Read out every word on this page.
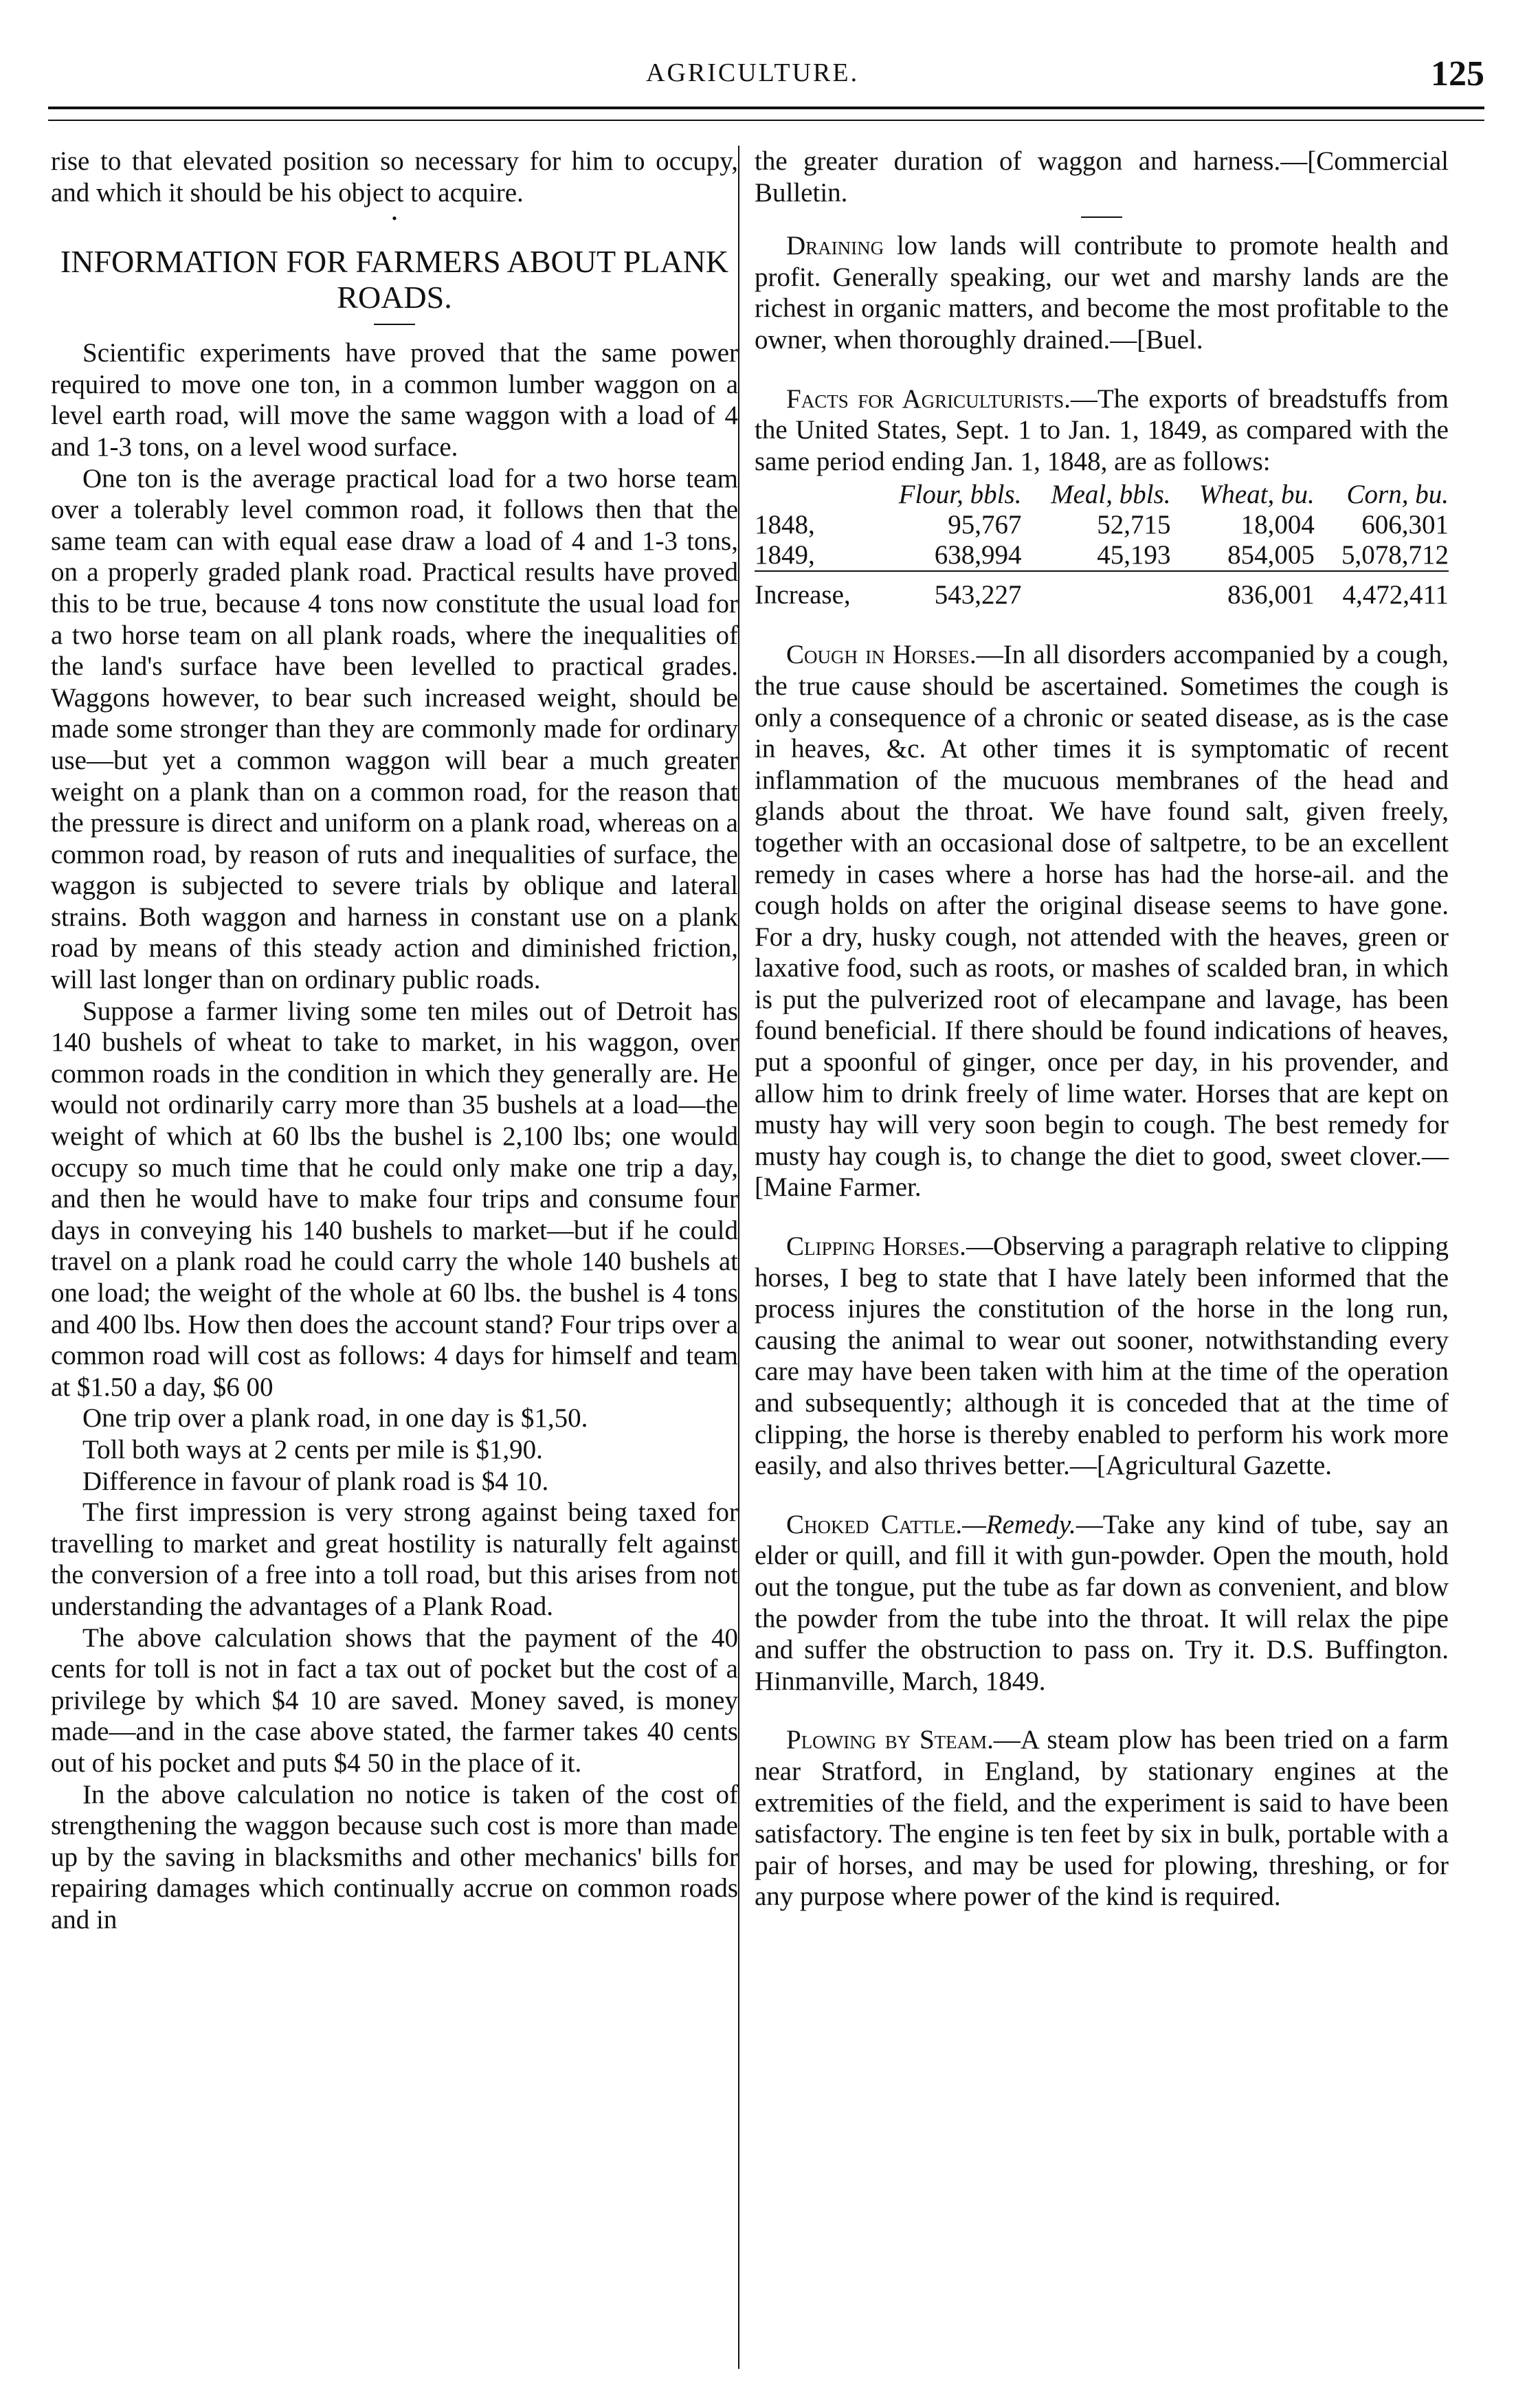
AGRICULTURE.	125

rise to that elevated position so necessary for him to occupy, and which it should be his object to acquire.

•
INFORMATION FOR FARMERS ABOUT PLANK ROADS.

Scientific experiments have proved that the same power required to move one ton, in a common lumber waggon on a level earth road, will move the same waggon with a load of 4 and 1-3 tons, on a level wood surface.

One ton is the average practical load for a two horse team over a tolerably level common road, it follows then that the same team can with equal ease draw a load of 4 and 1-3 tons, on a properly graded plank road. Practical results have proved this to be true, because 4 tons now constitute the usual load for a two horse team on all plank roads, where the inequalities of the land's surface have been levelled to practical grades. Waggons however, to bear such increased weight, should be made some stronger than they are commonly made for ordinary use—but yet a common waggon will bear a much greater weight on a plank than on a common road, for the reason that the pressure is direct and uniform on a plank road, whereas on a common road, by reason of ruts and inequalities of surface, the waggon is subjected to severe trials by oblique and lateral strains. Both waggon and harness in constant use on a plank road by means of this steady action and diminished friction, will last longer than on ordinary public roads.

Suppose a farmer living some ten miles out of Detroit has 140 bushels of wheat to take to market, in his waggon, over common roads in the condition in which they generally are. He would not ordinarily carry more than 35 bushels at a load—the weight of which at 60 lbs the bushel is 2,100 lbs; one would occupy so much time that he could only make one trip a day, and then he would have to make four trips and consume four days in conveying his 140 bushels to market—but if he could travel on a plank road he could carry the whole 140 bushels at one load; the weight of the whole at 60 lbs. the bushel is 4 tons and 400 lbs. How then does the account stand? Four trips over a common road will cost as follows: 4 days for himself and team at $1.50 a day, $6 00

One trip over a plank road, in one day is $1,50.

Toll both ways at 2 cents per mile is $1,90.

Difference in favour of plank road is $4 10.

The first impression is very strong against being taxed for travelling to market and great hostility is naturally felt against the conversion of a free into a toll road, but this arises from not understanding the advantages of a Plank Road.

The above calculation shows that the payment of the 40 cents for toll is not in fact a tax out of pocket but the cost of a privilege by which $4 10 are saved. Money saved, is money made—and in the case above stated, the farmer takes 40 cents out of his pocket and puts $4 50 in the place of it.

In the above calculation no notice is taken of the cost of strengthening the waggon because such cost is more than made up by the saving in blacksmiths and other mechanics' bills for repairing damages which continually accrue on common roads and in

the greater duration of waggon and harness.—[Commercial Bulletin.

Draining low lands will contribute to promote health and profit. Generally speaking, our wet and marshy lands are the richest in organic matters, and become the most profitable to the owner, when thoroughly drained.—[Buel.

Facts for Agriculturists.—The exports of breadstuffs from the United States, Sept. 1 to Jan. 1, 1849, as compared with the same period ending Jan. 1, 1848, are as follows:

	Flour, bbls.	Meal, bbls.	Wheat, bu.	Corn, bu.
1848,	95,767	52,715	18,004	606,301
1849,	638,994	45,193	854,005	5,078,712
Increase,	543,227		836,001	4,472,411

Cough in Horses.—In all disorders accompanied by a cough, the true cause should be ascertained. Sometimes the cough is only a consequence of a chronic or seated disease, as is the case in heaves, &c. At other times it is symptomatic of recent inflammation of the mucuous membranes of the head and glands about the throat. We have found salt, given freely, together with an occasional dose of saltpetre, to be an excellent remedy in cases where a horse has had the horse-ail. and the cough holds on after the original disease seems to have gone. For a dry, husky cough, not attended with the heaves, green or laxative food, such as roots, or mashes of scalded bran, in which is put the pulverized root of elecampane and lavage, has been found beneficial. If there should be found indications of heaves, put a spoonful of ginger, once per day, in his provender, and allow him to drink freely of lime water. Horses that are kept on musty hay will very soon begin to cough. The best remedy for musty hay cough is, to change the diet to good, sweet clover.—[Maine Farmer.

Clipping Horses.—Observing a paragraph relative to clipping horses, I beg to state that I have lately been informed that the process injures the constitution of the horse in the long run, causing the animal to wear out sooner, notwithstanding every care may have been taken with him at the time of the operation and subsequently; although it is conceded that at the time of clipping, the horse is thereby enabled to perform his work more easily, and also thrives better.—[Agricultural Gazette.

Choked Cattle.—Remedy.—Take any kind of tube, say an elder or quill, and fill it with gun-powder. Open the mouth, hold out the tongue, put the tube as far down as convenient, and blow the powder from the tube into the throat. It will relax the pipe and suffer the obstruction to pass on. Try it. D.S. Buffington. Hinmanville, March, 1849.

Plowing by Steam.—A steam plow has been tried on a farm near Stratford, in England, by stationary engines at the extremities of the field, and the experiment is said to have been satisfactory. The engine is ten feet by six in bulk, portable with a pair of horses, and may be used for plowing, threshing, or for any purpose where power of the kind is required.
